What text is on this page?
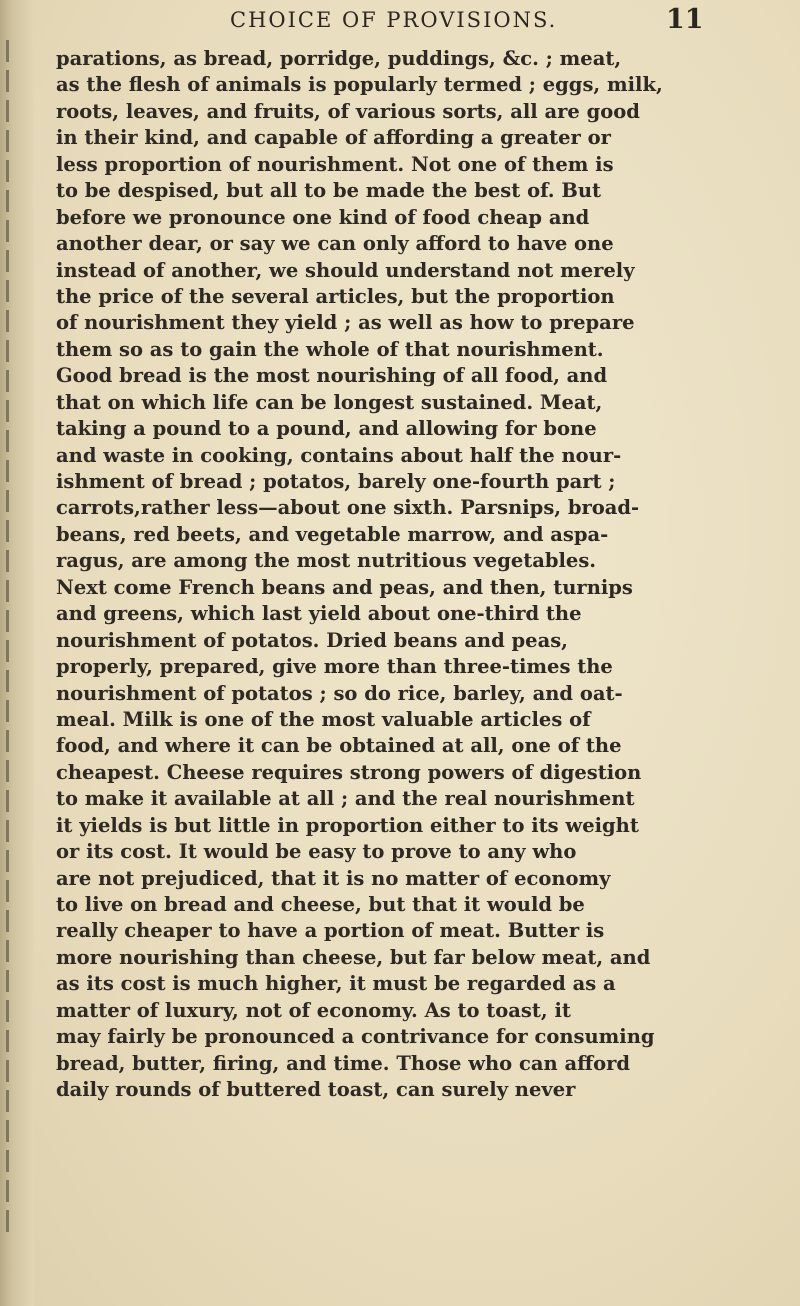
CHOICE OF PROVISIONS.	11
parations, as bread, porridge, puddings, &c. ; meat,
as the flesh of animals is popularly termed ; eggs, milk,
roots, leaves, and fruits, of various sorts, all are good
in their kind, and capable of affording a greater or
less proportion of nourishment. Not one of them is
to be despised, but all to be made the best of. But
before we pronounce one kind of food cheap and
another dear, or say we can only afford to have one
instead of another, we should understand not merely
the price of the several articles, but the proportion
of nourishment they yield ; as well as how to prepare
them so as to gain the whole of that nourishment.
Good bread is the most nourishing of all food, and
that on which life can be longest sustained. Meat,
taking a pound to a pound, and allowing for bone
and waste in cooking, contains about half the nour-
ishment of bread ; potatos, barely one-fourth part ;
carrots,rather less—about one sixth. Parsnips, broad-
beans, red beets, and vegetable marrow, and aspa-
ragus, are among the most nutritious vegetables.
Next come French beans and peas, and then, turnips
and greens, which last yield about one-third the
nourishment of potatos. Dried beans and peas,
properly, prepared, give more than three-times the
nourishment of potatos ; so do rice, barley, and oat-
meal. Milk is one of the most valuable articles of
food, and where it can be obtained at all, one of the
cheapest. Cheese requires strong powers of digestion
to make it available at all ; and the real nourishment
it yields is but little in proportion either to its weight
or its cost. It would be easy to prove to any who
are not prejudiced, that it is no matter of economy
to live on bread and cheese, but that it would be
really cheaper to have a portion of meat. Butter is
more nourishing than cheese, but far below meat, and
as its cost is much higher, it must be regarded as a
matter of luxury, not of economy. As to toast, it
may fairly be pronounced a contrivance for consuming
bread, butter, firing, and time. Those who can afford
daily rounds of buttered toast, can surely never
